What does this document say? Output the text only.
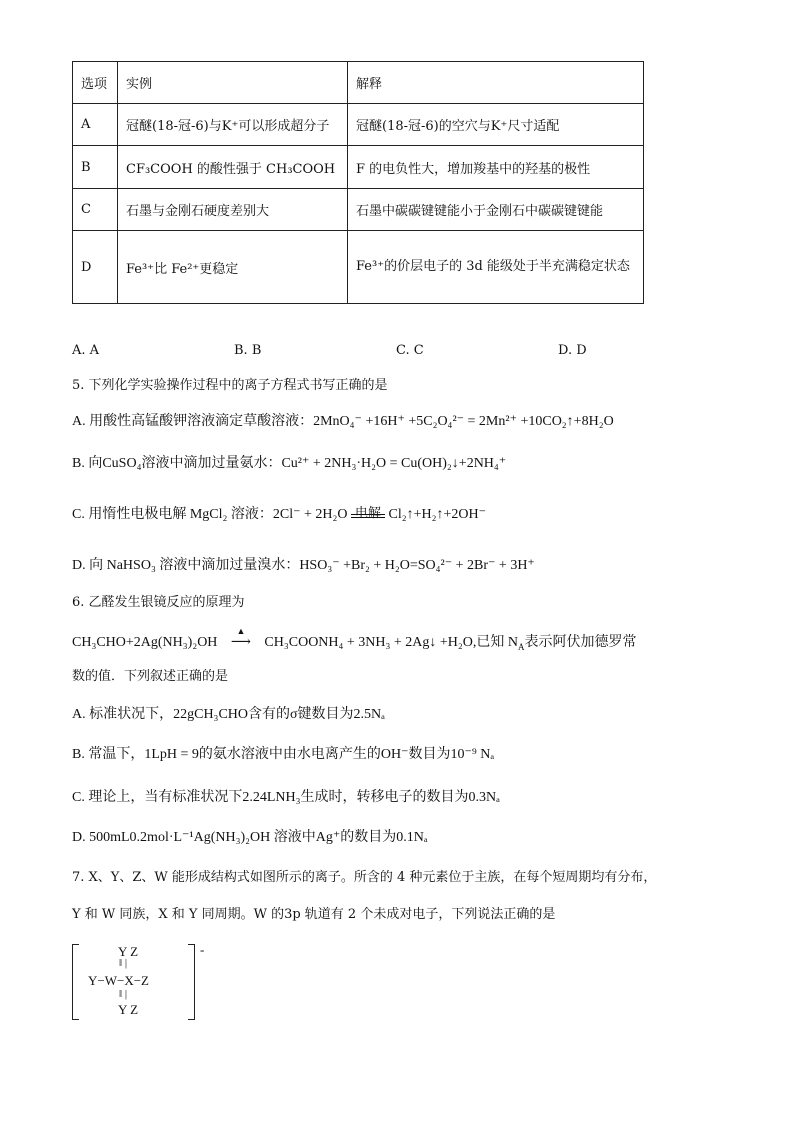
选项	实例	解释
A	冠醚(18-冠-6)与K⁺可以形成超分子	冠醚(18-冠-6)的空穴与K⁺尺寸适配
B	CF₃COOH 的酸性强于 CH₃COOH	F 的电负性大，增加羧基中的羟基的极性
C	石墨与金刚石硬度差别大	石墨中碳碳键键能小于金刚石中碳碳键键能
D	Fe³⁺比 Fe²⁺更稳定	Fe³⁺的价层电子的 3d 能级处于半充满稳定状态
A. A	B. B	C. C	D. D
5. 下列化学实验操作过程中的离子方程式书写正确的是
A. 用酸性高锰酸钾溶液滴定草酸溶液：2MnO₄⁻ +16H⁺ +5C₂O₄²⁻ = 2Mn²⁺ +10CO₂↑+8H₂O
B. 向CuSO₄溶液中滴加过量氨水：Cu²⁺ + 2NH₃·H₂O = Cu(OH)₂↓+2NH₄⁺
C. 用惰性电极电解 MgCl₂ 溶液：2Cl⁻ + 2H₂O 电解 Cl₂↑+H₂↑+2OH⁻
D. 向 NaHSO₃ 溶液中滴加过量溴水：HSO₃⁻ +Br₂ + H₂O=SO₄²⁻ + 2Br⁻ + 3H⁺
6. 乙醛发生银镜反应的原理为
CH₃CHO+2Ag(NH₃)₂OH
▲
⟶ CH₃COONH₄ + 3NH₃ + 2Ag↓ +H₂O,已知 $N_A$表示阿伏加德罗常
数的值．下列叙述正确的是
A. 标准状况下，22gCH₃CHO含有的σ键数目为2.5Nₐ
B. 常温下，1LpH = 9的氨水溶液中由水电离产生的OH⁻数目为10⁻⁹ Nₐ
C. 理论上，当有标准状况下2.24LNH₃生成时，转移电子的数目为0.3Nₐ
D. 500mL0.2mol·L⁻¹Ag(NH₃)₂OH 溶液中Ag⁺的数目为0.1Nₐ
7. X、Y、Z、W 能形成结构式如图所示的离子。所含的 4 种元素位于主族，在每个短周期均有分布，
Y 和 W 同族，X 和 Y 同周期。W 的3p 轨道有 2 个未成对电子，下列说法正确的是
Y Z
‖ |
Y−W−X−Z
‖ |
Y Z
-
